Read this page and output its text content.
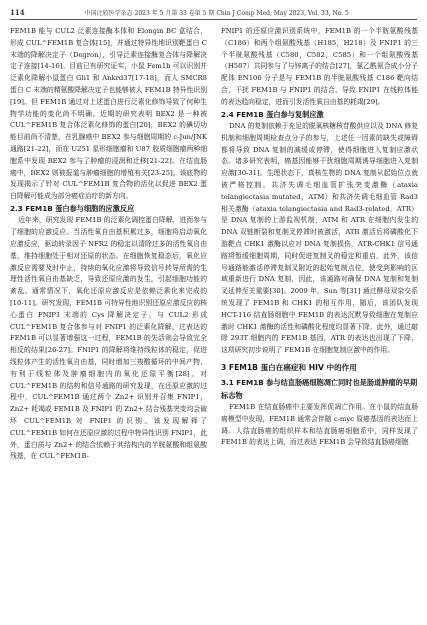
114	中国比较医学杂志 2023 年 5 月第 33 卷第 5 期 Chin J Comp Med, May 2023, Vol. 33, No. 5

FEM1B 能与 CUL2 泛素连接酶本体和 Elongin BC 盒结合，形成 CUL^FEM1B 复合体[15]，并通过特异性地识别靶蛋白 C 末端的降解决定子（Degron），引导泛素连接酶复合体与降解决定子连接[14-16]。目前已有研究证实，小鼠 Fem1b 可以识别并泛素化降解小鼠蛋白 Gli1 和 Ankrd37[17-18]，而人 SMCR8 蛋白 C 末端的精氨酸降解决定子也能够被人 FEM1B 特异性识别[19]。但 FEM1B 通过对上述蛋白进行泛素化修饰导致了何种生物学功能的变化尚不明确。近期的研究表明 BEX2 是一种被 CUL^FEM1B 复合体泛素化修饰的蛋白[20]，BEX2 的碘切功能目前尚不清楚，在乳腺癌中 BEX2 参与细胞周期的 c-Jun/JNK 通路[21-22]，而在 U251 星形细胞瘤和 U87 胶质细胞瘤两种细胞系中发现 BEX2 参与了肿瘤的浸润和迁移[21-22]。在结直肠癌中，BEX2 则被报道与肿瘤细胞的增殖有关[23-25]。该底物的发现揭示了针对 CUL^FEM1B 复合物的活化以促进 BEX2 蛋白降解可能成为部分癌症治疗的新方向。

2.3 FEM1B 蛋白参与细胞的应激反应

近年来，研究发现 FEM1B 的泛素化调控蛋白降解，进而参与了细胞的应激反应。当活性氧自由基积累过多，细胞将启动氧化应激反应，驱动转录因子 NFR2 的稳定以清除过多的活性氧自由基，维持细胞处于相对还原的状态。在细胞恢复稳态后，氧化应激反应需要及时中止，持续的氧化应激将导致信号转导所需的生理性活性氧自由基缺乏，导致还原应激的发生，引起细胞功能的紊乱。通常情况下，氧化还原应激反应是依赖泛素化来完成的[10-11]。研究发现，FEM1B 可特异性地识别还原应激反应的核心蛋白 FNIP1 末端的 Cys 降解决定子，与 CUL2 形成 CUL^FEM1B 复合体参与对 FNIP1 的泛素化降解，过表达的 FEM1B 可以显著增强这一过程，FEM1B 的失活则会导致完全相反的结果[26-27]。FNIP1 的降解将维持线粒体的稳定，促进线粒体产生的活性氧自由基，同时增加三羧酸循环的中间产物，有利于线粒体及肿瘤细胞内的氧化还原平衡[28]。对 CUL^FEM1B 的结构和信号通路的研究发现，在还原应激的过程中，CUL^FEM1B 通过两个 Zn2+ 识别并召集 FNIP1，Zn2+ 耗竭或 FEM1B 及 FNIP1 的 Zn2+ 结合残基突变均会破坏 CUL^FEM1B 对 FNIP1 的识别。该发现解释了 CUL^FEM1B 如何在还原应激的过程中特异性识别 FNIP1，此外，蛋白质与 Zn2+ 的结合依赖于其结构内的半胱氨酸和组氨酸残基，在 CUL^FEM1B-

FNIP1 的还原应激识别系统中，FEM1B 的一个半胱氨酸残基（C186）和两个组氨酸残基（H185，H218）及 FNIP1 的三个半胱氨酸残基（C580，C582，C585）和一个组氨酸残基（H587）共同参与了与锌离子的结合[27]，氯乙酰氨合成小分子配体 EN106 分子是与 FEM1B 的半胱氨酸残基 C186 靶向结合，干扰 FEM1B 与 FNIP1 的结合，导致 FNIP1 在线粒体能的表达趋向稳定，进而引发活性氧自由基的耗竭[29]。

2.4 FEM1B 蛋白参与复制应激

DNA 的复制依赖于充足的脱氧核糖核苷酸供应以及 DNA 修复机制和细胞周期检查点分子的参与，上述任一因素的缺失或障碍都将导致 DNA 复制的减缓或停滞，使得细胞进入复制应激状态。诸多研究表明，癌基因能够干扰细胞周期诱导细胞进入复制应激[30-31]。生理状态下，真核生物的 DNA 复制从起始位点就被严格控制。共济失调毛细血管扩张突变激酶（ataxia telangiectasia mutated，ATM）和共济失调毛细血管 Rad3 相关激酶（ataxia telangiectasia and Rad3-related，ATR）是 DNA 复制的上游监视机制，ATM 和 ATR 在细胞内发生的 DNA 双链断裂和复制叉停滞时被激活，ATR 激活后将磷酸化下游靶点 CHK1 激酶以应对 DNA 复制损伤，ATR-CHK1 信号通路将暂缓细胞周期，同时促进复制叉的稳定和重启，此外，该信号通路能激活停滞复制叉附近的起始复制点位，使受到影响的区域重新进行 DNA 复制，因此，该通路对确保 DNA 复制和复制叉延伸至关重要[30]。2009 年，Sun 等[31] 通过酵母双杂交系统发现了 FEM1B 和 CHK1 的相互作用，随后，该团队发现 HCT-116 结直肠细胞中 FEM1B 的表达沉默导致细胞在复制应激时 CHK1 激酶的活性和磷酸化程度均显著下降，此外，通过敲除 293T 细胞内的 FEM1B 基因，ATR 的表达也出现了下降，这项研究初步说明了 FEM1B 在细胞复制应激中的作用。

3 FEM1B 蛋白在癌症和 HIV 中的作用
3.1 FEM1B 参与结直肠癌细胞凋亡同时也是肠道肿瘤的早期标志物

FEM1B 在结直肠癌中主要发挥促凋亡作用。在小鼠的结直肠癌模型中发现，FEM1B 通常会伴随 c-myc 原癌基因的表达而上调。人结直肠癌的组织样本和结直肠癌细胞系中，同样发现了 FEM1B 的表达上调，而过表达 FEM1B 会导致结直肠癌细胞
